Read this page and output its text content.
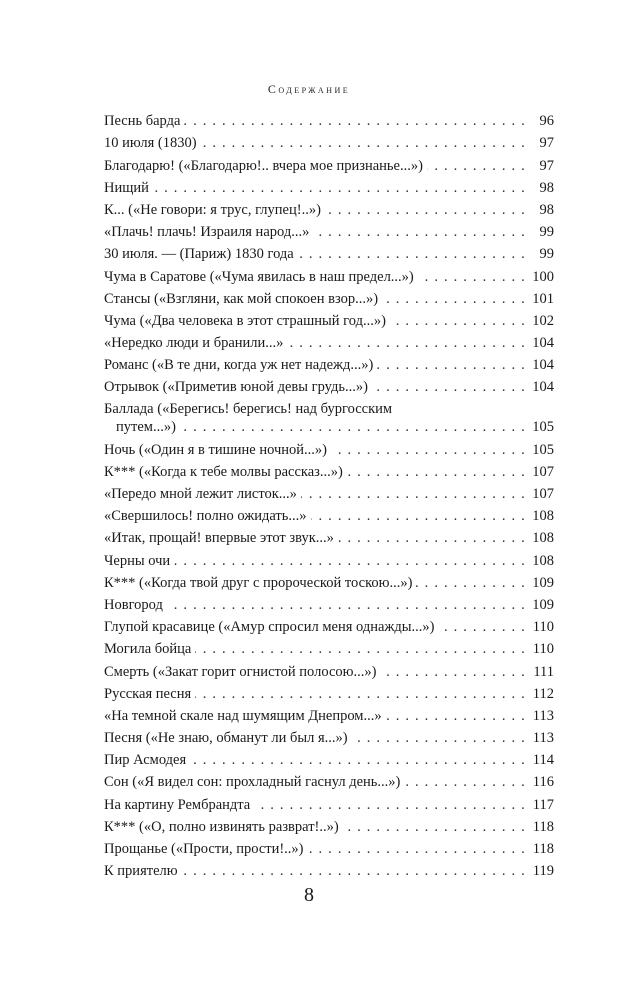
Содержание
Песнь барда . . .	96
10 июля (1830) . . .	97
Благодарю! («Благодарю!.. вчера мое признанье...») . . .	97
Нищий . . .	98
К... («Не говори: я трус, глупец!..») . . .	98
«Плачь! плачь! Израиля народ...» . . .	99
30 июля. — (Париж) 1830 года . . .	99
Чума в Саратове («Чума явилась в наш предел...») . . .	100
Стансы («Взгляни, как мой спокоен взор...») . . .	101
Чума («Два человека в этот страшный год...») . . .	102
«Нередко люди и бранили...» . . .	104
Романс («В те дни, когда уж нет надежд...») . . .	104
Отрывок («Приметив юной девы грудь...») . . .	104
Баллада («Берегись! берегись! над бургосским
путем...») . . .	105
Ночь («Один я в тишине ночной...») . . .	105
К*** («Когда к тебе молвы рассказ...») . . .	107
«Передо мной лежит листок...» . . .	107
«Свершилось! полно ожидать...» . . .	108
«Итак, прощай! впервые этот звук...» . . .	108
Черны очи . . .	108
К*** («Когда твой друг с пророческой тоскою...») . . .	109
Новгород . . .	109
Глупой красавице («Амур спросил меня однажды...») . . .	110
Могила бойца . . .	110
Смерть («Закат горит огнистой полосою...») . . .	111
Русская песня . . .	112
«На темной скале над шумящим Днепром...» . . .	113
Песня («Не знаю, обманут ли был я...») . . .	113
Пир Асмодея . . .	114
Сон («Я видел сон: прохладный гаснул день...») . . .	116
На картину Рембрандта . . .	117
К*** («О, полно извинять разврат!..») . . .	118
Прощанье («Прости, прости!..») . . .	118
К приятелю . . .	119
8
